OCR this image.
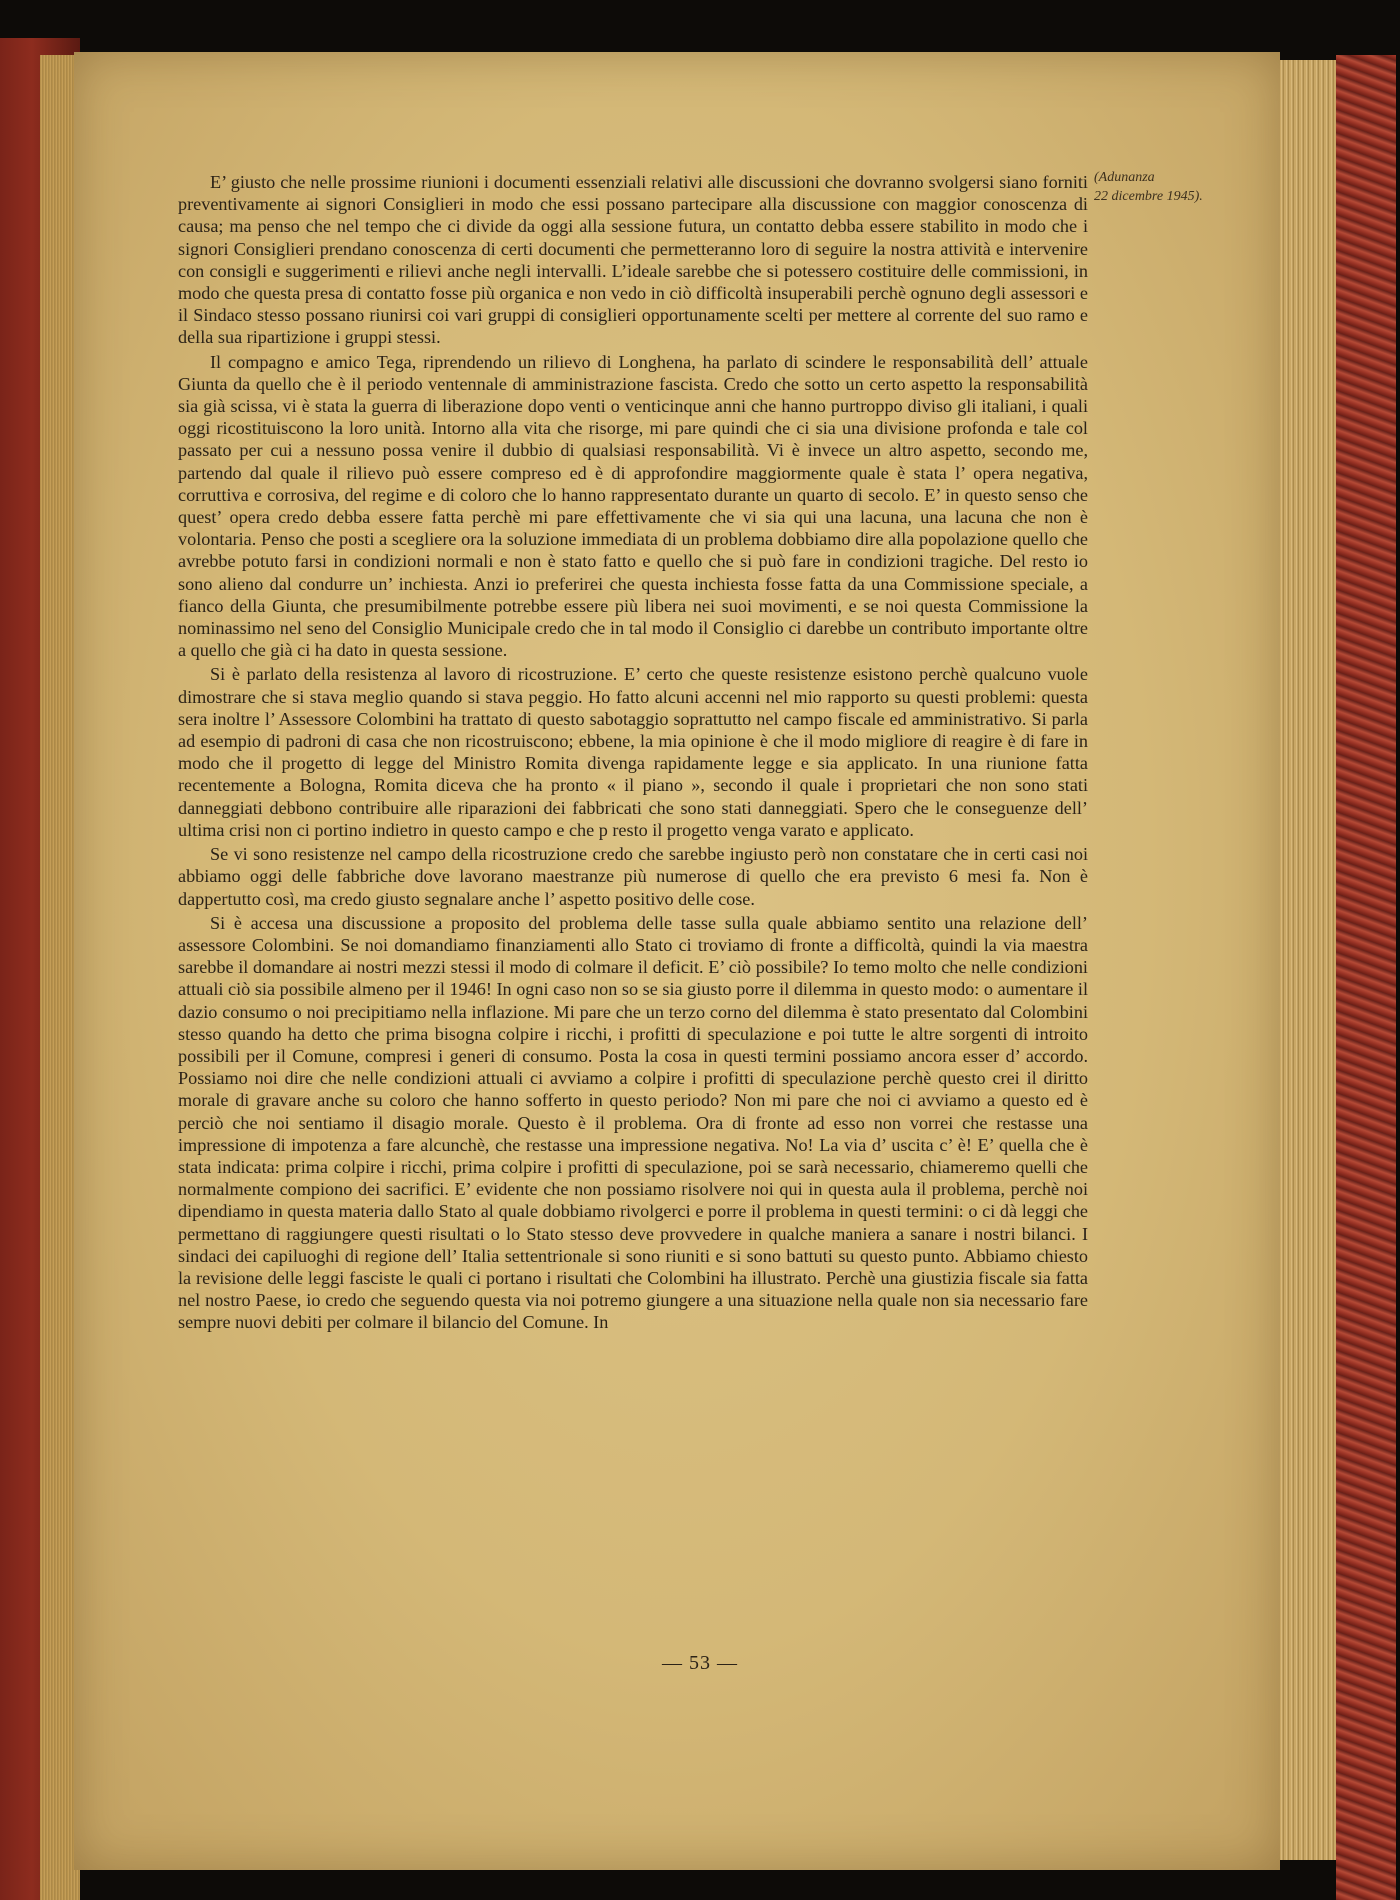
(Adunanza
22 dicembre 1945).

E’ giusto che nelle prossime riunioni i documenti essenziali relativi alle discussioni che dovranno svolgersi siano forniti preventivamente ai signori Consiglieri in modo che essi possano partecipare alla discussione con maggior conoscenza di causa; ma penso che nel tempo che ci divide da oggi alla sessione futura, un contatto debba essere stabilito in modo che i signori Consiglieri prendano conoscenza di certi documenti che permetteranno loro di seguire la nostra attività e intervenire con consigli e suggerimenti e rilievi anche negli intervalli. L’ideale sarebbe che si potessero costituire delle commissioni, in modo che questa presa di contatto fosse più organica e non vedo in ciò difficoltà insuperabili perchè ognuno degli assessori e il Sindaco stesso possano riunirsi coi vari gruppi di consiglieri opportunamente scelti per mettere al corrente del suo ramo e della sua ripartizione i gruppi stessi.

Il compagno e amico Tega, riprendendo un rilievo di Longhena, ha parlato di scindere le responsabilità dell’ attuale Giunta da quello che è il periodo ventennale di amministrazione fascista. Credo che sotto un certo aspetto la responsabilità sia già scissa, vi è stata la guerra di liberazione dopo venti o venticinque anni che hanno purtroppo diviso gli italiani, i quali oggi ricostituiscono la loro unità. Intorno alla vita che risorge, mi pare quindi che ci sia una divisione profonda e tale col passato per cui a nessuno possa venire il dubbio di qualsiasi responsabilità. Vi è invece un altro aspetto, secondo me, partendo dal quale il rilievo può essere compreso ed è di approfondire maggiormente quale è stata l’ opera negativa, corruttiva e corrosiva, del regime e di coloro che lo hanno rappresentato durante un quarto di secolo. E’ in questo senso che quest’ opera credo debba essere fatta perchè mi pare effettivamente che vi sia qui una lacuna, una lacuna che non è volontaria. Penso che posti a scegliere ora la soluzione immediata di un problema dobbiamo dire alla popolazione quello che avrebbe potuto farsi in condizioni normali e non è stato fatto e quello che si può fare in condizioni tragiche. Del resto io sono alieno dal condurre un’ inchiesta. Anzi io preferirei che questa inchiesta fosse fatta da una Commissione speciale, a fianco della Giunta, che presumibilmente potrebbe essere più libera nei suoi movimenti, e se noi questa Commissione la nominassimo nel seno del Consiglio Municipale credo che in tal modo il Consiglio ci darebbe un contributo importante oltre a quello che già ci ha dato in questa sessione.

Si è parlato della resistenza al lavoro di ricostruzione. E’ certo che queste resistenze esistono perchè qualcuno vuole dimostrare che si stava meglio quando si stava peggio. Ho fatto alcuni accenni nel mio rapporto su questi problemi: questa sera inoltre l’ Assessore Colombini ha trattato di questo sabotaggio soprattutto nel campo fiscale ed amministrativo. Si parla ad esempio di padroni di casa che non ricostruiscono; ebbene, la mia opinione è che il modo migliore di reagire è di fare in modo che il progetto di legge del Ministro Romita divenga rapidamente legge e sia applicato. In una riunione fatta recentemente a Bologna, Romita diceva che ha pronto « il piano », secondo il quale i proprietari che non sono stati danneggiati debbono contribuire alle riparazioni dei fabbricati che sono stati danneggiati. Spero che le conseguenze dell’ ultima crisi non ci portino indietro in questo campo e che p resto il progetto venga varato e applicato.

Se vi sono resistenze nel campo della ricostruzione credo che sarebbe ingiusto però non constatare che in certi casi noi abbiamo oggi delle fabbriche dove lavorano maestranze più numerose di quello che era previsto 6 mesi fa. Non è dappertutto così, ma credo giusto segnalare anche l’ aspetto positivo delle cose.

Si è accesa una discussione a proposito del problema delle tasse sulla quale abbiamo sentito una relazione dell’ assessore Colombini. Se noi domandiamo finanziamenti allo Stato ci troviamo di fronte a difficoltà, quindi la via maestra sarebbe il domandare ai nostri mezzi stessi il modo di colmare il deficit. E’ ciò possibile? Io temo molto che nelle condizioni attuali ciò sia possibile almeno per il 1946! In ogni caso non so se sia giusto porre il dilemma in questo modo: o aumentare il dazio consumo o noi precipitiamo nella inflazione. Mi pare che un terzo corno del dilemma è stato presentato dal Colombini stesso quando ha detto che prima bisogna colpire i ricchi, i profitti di speculazione e poi tutte le altre sorgenti di introito possibili per il Comune, compresi i generi di consumo. Posta la cosa in questi termini possiamo ancora esser d’ accordo. Possiamo noi dire che nelle condizioni attuali ci avviamo a colpire i profitti di speculazione perchè questo crei il diritto morale di gravare anche su coloro che hanno sofferto in questo periodo? Non mi pare che noi ci avviamo a questo ed è perciò che noi sentiamo il disagio morale. Questo è il problema. Ora di fronte ad esso non vorrei che restasse una impressione di impotenza a fare alcunchè, che restasse una impressione negativa. No! La via d’ uscita c’ è! E’ quella che è stata indicata: prima colpire i ricchi, prima colpire i profitti di speculazione, poi se sarà necessario, chiameremo quelli che normalmente compiono dei sacrifici. E’ evidente che non possiamo risolvere noi qui in questa aula il problema, perchè noi dipendiamo in questa materia dallo Stato al quale dobbiamo rivolgerci e porre il problema in questi termini: o ci dà leggi che permettano di raggiungere questi risultati o lo Stato stesso deve provvedere in qualche maniera a sanare i nostri bilanci. I sindaci dei capiluoghi di regione dell’ Italia settentrionale si sono riuniti e si sono battuti su questo punto. Abbiamo chiesto la revisione delle leggi fasciste le quali ci portano i risultati che Colombini ha illustrato. Perchè una giustizia fiscale sia fatta nel nostro Paese, io credo che seguendo questa via noi potremo giungere a una situazione nella quale non sia necessario fare sempre nuovi debiti per colmare il bilancio del Comune. In

— 53 —
